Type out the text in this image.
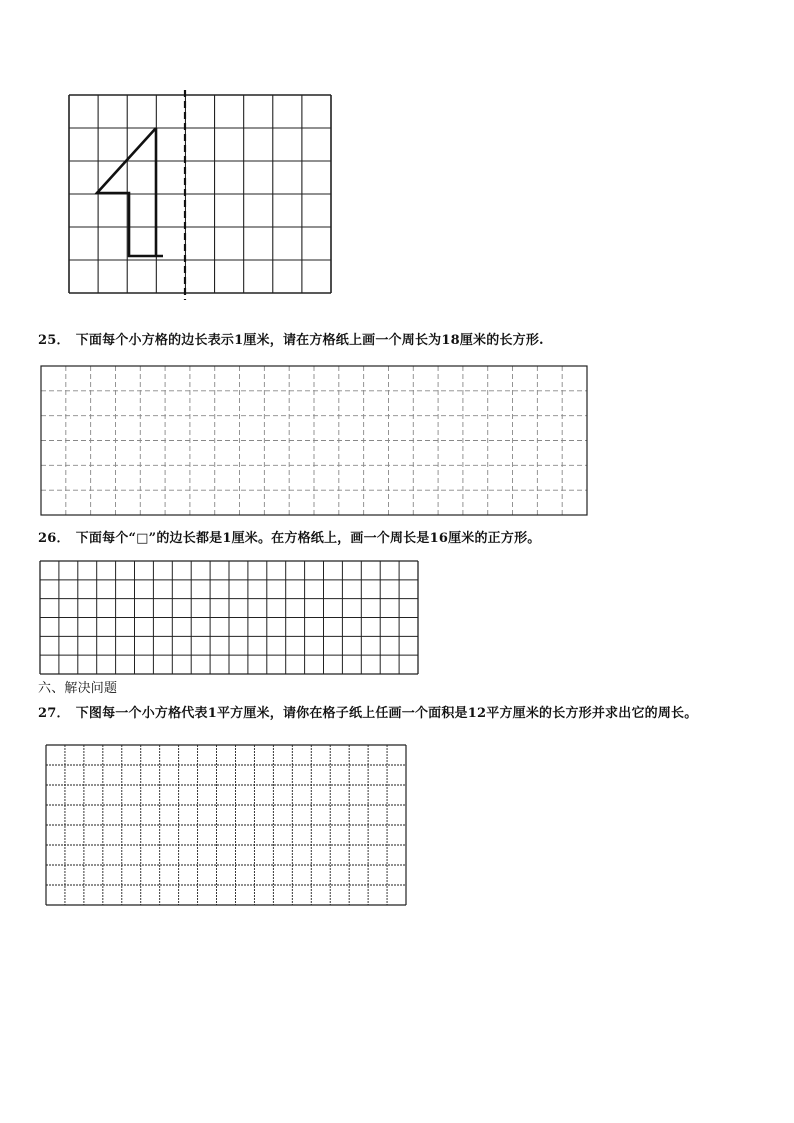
25． 下面每个小方格的边长表示1厘米，请在方格纸上画一个周长为18厘米的长方形.
26． 下面每个“□”的边长都是1厘米。在方格纸上，画一个周长是16厘米的正方形。
六、解决问题
27． 下图每一个小方格代表1平方厘米，请你在格子纸上任画一个面积是12平方厘米的长方形并求出它的周长。
